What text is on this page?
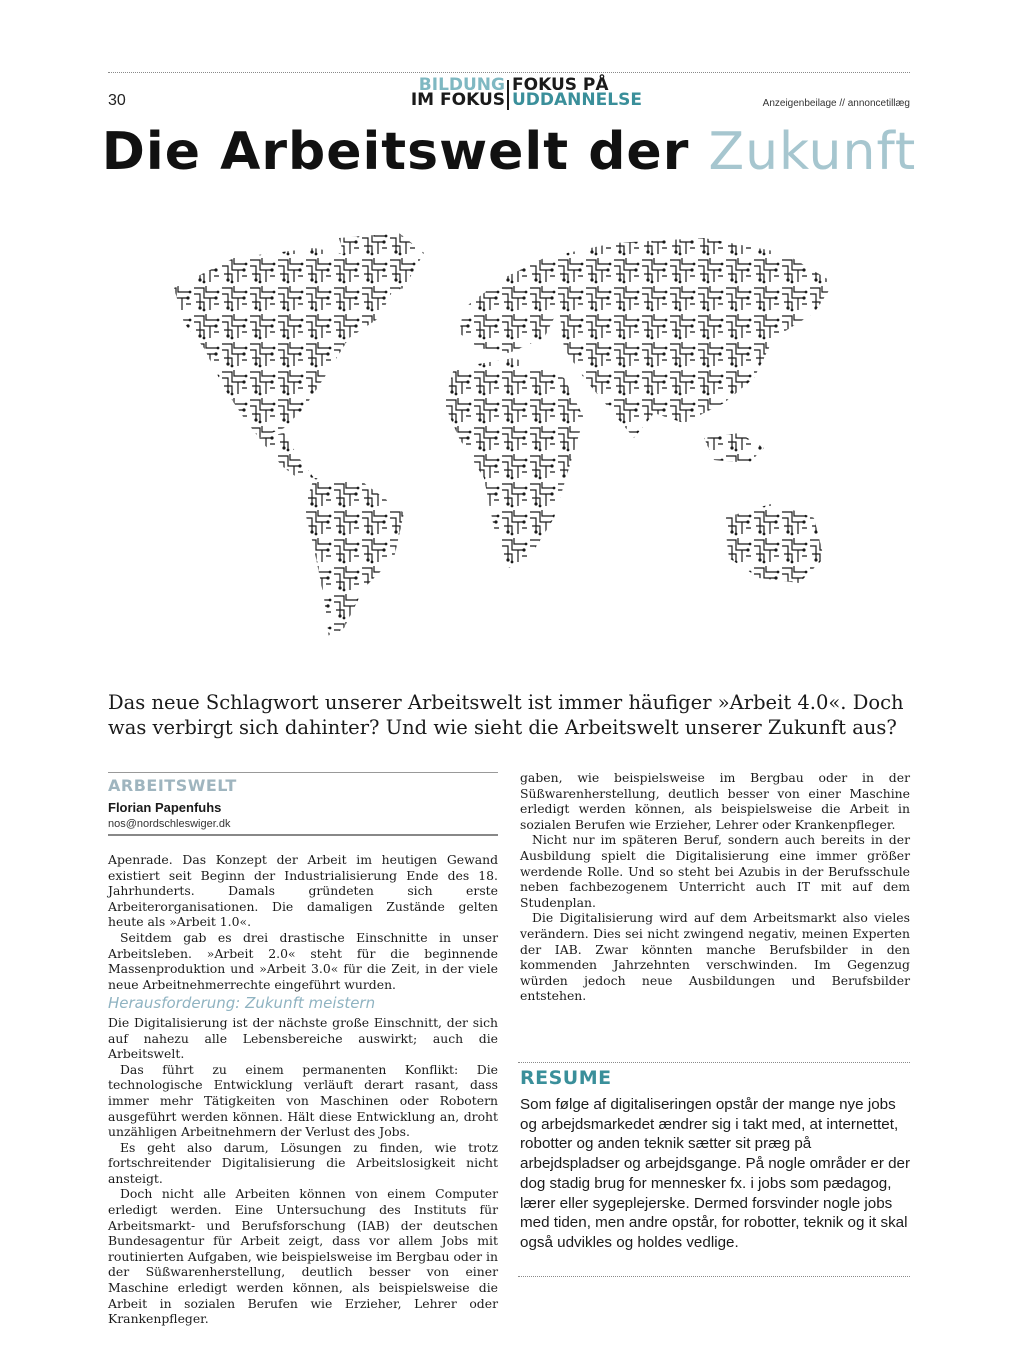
30
BILDUNG
IM FOKUS
FOKUS PÅ
UDDANNELSE	Anzeigenbeilage // annoncetillæg
Die Arbeitswelt der Zukunft
Das neue Schlagwort unserer Arbeitswelt ist immer häufiger »Arbeit 4.0«. Doch was verbirgt sich dahinter? Und wie sieht die Arbeitswelt unserer Zukunft aus?
ARBEITSWELT
Florian Papenfuhs
nos@nordschleswiger.dk

Apenrade. Das Konzept der Arbeit im heutigen Gewand existiert seit Beginn der Industrialisierung Ende des 18. Jahrhunderts. Damals gründeten sich erste Arbeiterorganisationen. Die damaligen Zustände gelten heute als »Arbeit 1.0«.

Seitdem gab es drei drastische Einschnitte in unser Arbeitsleben. »Arbeit 2.0« steht für die beginnende Massenproduktion und »Arbeit 3.0« für die Zeit, in der viele neue Arbeitnehmerrechte eingeführt wurden.

Herausforderung: Zukunft meistern

Die Digitalisierung ist der nächste große Einschnitt, der sich auf nahezu alle Lebensbereiche auswirkt; auch die Arbeitswelt.

Das führt zu einem permanenten Konflikt: Die technologische Entwicklung verläuft derart rasant, dass immer mehr Tätigkeiten von Maschinen oder Robotern ausgeführt werden können. Hält diese Entwicklung an, droht unzähligen Arbeitnehmern der Verlust des Jobs.

Es geht also darum, Lösungen zu finden, wie trotz fortschreitender Digitalisierung die Arbeitslosigkeit nicht ansteigt.

Doch nicht alle Arbeiten können von einem Computer erledigt werden. Eine Untersuchung des Instituts für Arbeitsmarkt- und Berufsforschung (IAB) der deutschen Bundesagentur für Arbeit zeigt, dass vor allem Jobs mit routinierten Aufgaben, wie beispielsweise im Bergbau oder in der Süßwarenherstellung, deutlich besser von einer Maschine erledigt werden können, als beispielsweise die Arbeit in sozialen Berufen wie Erzieher, Lehrer oder Krankenpfleger.

gaben, wie beispielsweise im Bergbau oder in der Süßwarenherstellung, deutlich besser von einer Maschine erledigt werden können, als beispielsweise die Arbeit in sozialen Berufen wie Erzieher, Lehrer oder Krankenpfleger.

Nicht nur im späteren Beruf, sondern auch bereits in der Ausbildung spielt die Digitalisierung eine immer größer werdende Rolle. Und so steht bei Azubis in der Berufsschule neben fachbezogenem Unterricht auch IT mit auf dem Studenplan.

Die Digitalisierung wird auf dem Arbeitsmarkt also vieles verändern. Dies sei nicht zwingend negativ, meinen Experten der IAB. Zwar könnten manche Berufsbilder in den kommenden Jahrzehnten verschwinden. Im Gegenzug würden jedoch neue Ausbildungen und Berufsbilder entstehen.

RESUME
Som følge af digitaliseringen opstår der mange nye jobs og arbejdsmarkedet ændrer sig i takt med, at internettet, robotter og anden teknik sætter sit præg på arbejdspladser og arbejdsgange. På nogle områder er der dog stadig brug for mennesker fx. i jobs som pædagog, lærer eller sygeplejerske. Dermed forsvinder nogle jobs med tiden, men andre opstår, for robotter, teknik og it skal også udvikles og holdes vedlige.
